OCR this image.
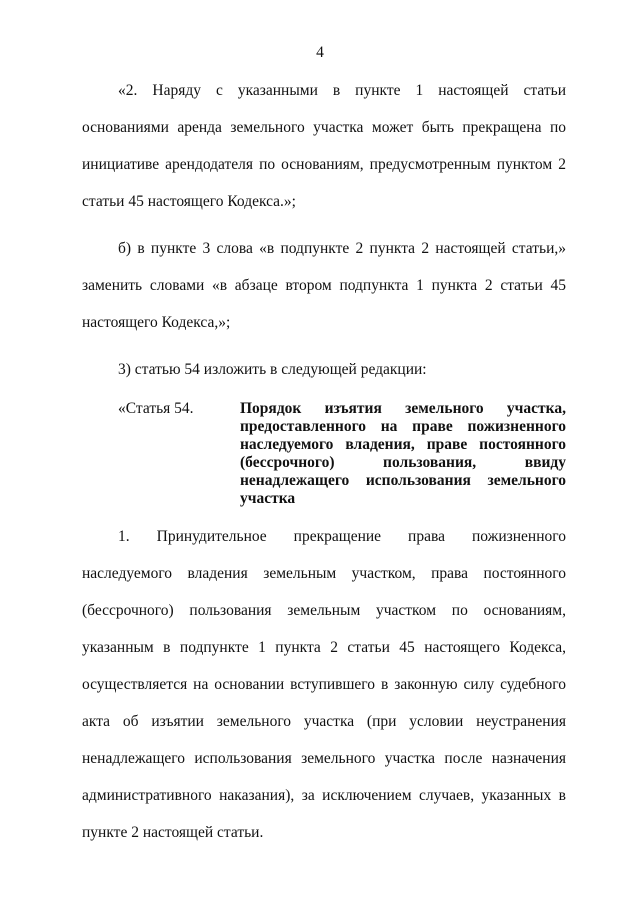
4

«2. Наряду с указанными в пункте 1 настоящей статьи основаниями аренда земельного участка может быть прекращена по инициативе арендодателя по основаниям, предусмотренным пунктом 2 статьи 45 настоящего Кодекса.»;

б) в пункте 3 слова «в подпункте 2 пункта 2 настоящей статьи,» заменить словами «в абзаце втором подпункта 1 пункта 2 статьи 45 настоящего Кодекса,»;

3) статью 54 изложить в следующей редакции:

«Статья 54.	Порядок изъятия земельного участка, предоставленного на праве пожизненного наследуемого владения, праве постоянного (бессрочного) пользования, ввиду ненадлежащего использования земельного участка

1. Принудительное прекращение права пожизненного наследуемого владения земельным участком, права постоянного (бессрочного) пользования земельным участком по основаниям, указанным в подпункте 1 пункта 2 статьи 45 настоящего Кодекса, осуществляется на основании вступившего в законную силу судебного акта об изъятии земельного участка (при условии неустранения ненадлежащего использования земельного участка после назначения административного наказания), за исключением случаев, указанных в пункте 2 настоящей статьи.
